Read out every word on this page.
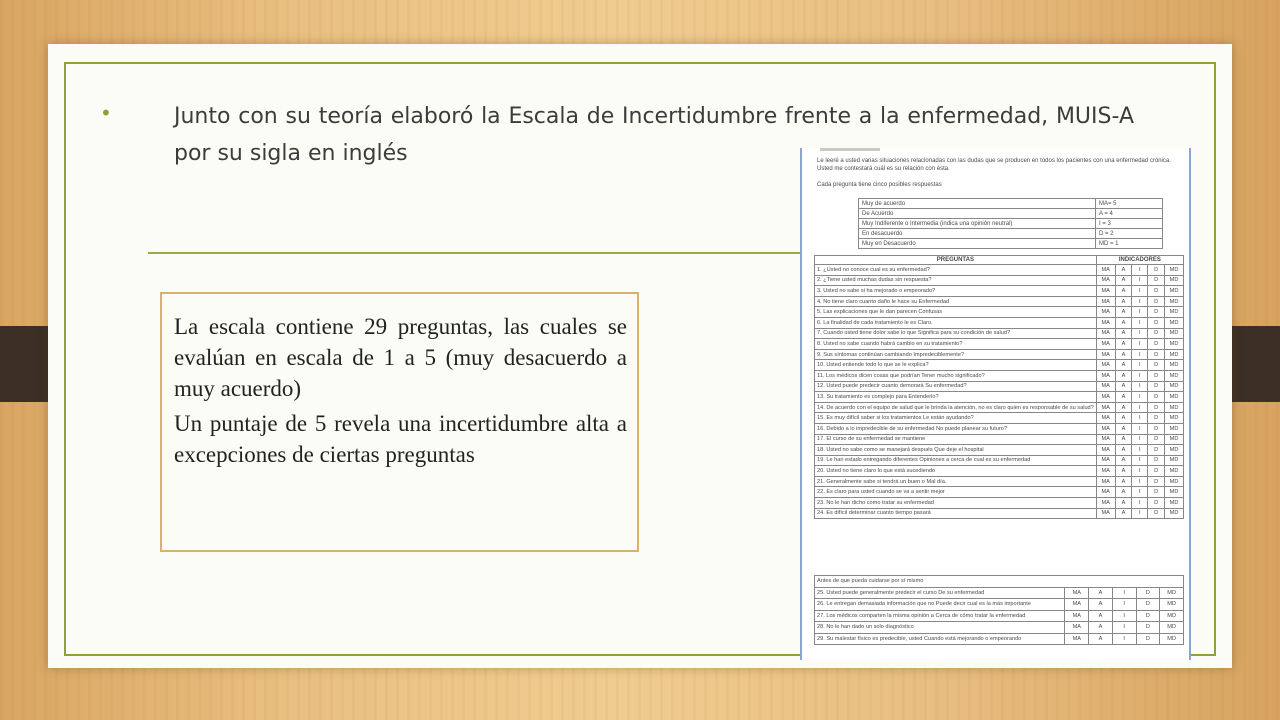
•	Junto con su teoría elaboró la Escala de Incertidumbre frente a la enfermedad, MUIS-A por su sigla en inglés

La escala contiene 29 preguntas, las cuales se evalúan en escala de 1 a 5 (muy desacuerdo a muy acuerdo)

Un puntaje de 5 revela una incertidumbre alta a excepciones de ciertas preguntas

Le leeré a usted varias situaciones relacionadas con las dudas que se producen en todos los pacientes con una enfermedad crónica. Usted me contestará cuál es su relación con ésta.
Cada pregunta tiene cinco posibles respuestas
Muy de acuerdo	MA= 5
De Acuerdo	A = 4
Muy Indiferente o Intermedia (indica una opinión neutral)	I = 3
En desacuerdo	D = 2
Muy en Desacuerdo	MD = 1
PREGUNTAS	INDICADORES				
1. ¿Usted no conoce cual es su enfermedad?	MA	A	I	D	MD
2. ¿Tiene usted muchas dudas sin respuesta?	MA	A	I	D	MD
3. Usted no sabe si ha mejorado o empeorado?	MA	A	I	D	MD
4. No tiene claro cuanto daño le hace su Enfermedad	MA	A	I	D	MD
5. Las explicaciones que le dan parecen Confusas	MA	A	I	D	MD
6. La finalidad de cada tratamiento le es Claro.	MA	A	I	D	MD
7. Cuando usted tiene dolor sabe lo que Significa para su condición de salud?	MA	A	I	D	MD
8. Usted no sabe cuando habrá cambio en su tratamiento?	MA	A	I	D	MD
9. Sus síntomas continúan cambiando Impredeciblemente?	MA	A	I	D	MD
10. Usted entiende todo lo que se le explica?	MA	A	I	D	MD
11. Los médicos dicen cosas que podrían Tener mucho significado?	MA	A	I	D	MD
12. Usted puede predecir cuanto demorará Su enfermedad?	MA	A	I	D	MD
13. Su tratamiento es complejo para Entenderlo?	MA	A	I	D	MD
14. De acuerdo con el equipo de salud que le brinda la atención, no es claro quien es responsable de su salud?	MA	A	I	D	MD
15. Es muy difícil saber si los tratamientos Le están ayudando?	MA	A	I	D	MD
16. Debido a lo impredecible de su enfermedad No puede planear su futuro?	MA	A	I	D	MD
17. El curso de su enfermedad se mantiene	MA	A	I	D	MD
18. Usted no sabe como se manejará después Que deje el hospital	MA	A	I	D	MD
19. Le han estado entregando diferentes Opiniones a cerca de cual es su enfermedad	MA	A	I	D	MD
20. Usted no tiene claro lo que está sucediendo	MA	A	I	D	MD
21. Generalmente sabe si tendrá un buen o Mal día.	MA	A	I	D	MD
22. Es claro para usted cuando se va a sentir mejor	MA	A	I	D	MD
23. No le han dicho como tratar su enfermedad	MA	A	I	D	MD
24. Es difícil determinar cuanto tiempo pasará	MA	A	I	D	MD
Antes de que pueda cuidarse por sí mismo					
25. Usted puede generalmente predecir el curso De su enfermedad	MA	A	I	D	MD
26. Le entregan demasiada información que no Puede decir cual es la más importante	MA	A	I	D	MD
27. Los médicos comparten la misma opinión a Cerca de cómo tratar la enfermedad	MA	A	I	D	MD
28. No le han dado un solo diagnóstico	MA	A	I	D	MD
29. Su malestar físico es predecible, usted Cuando está mejorando o empeorando	MA	A	I	D	MD
